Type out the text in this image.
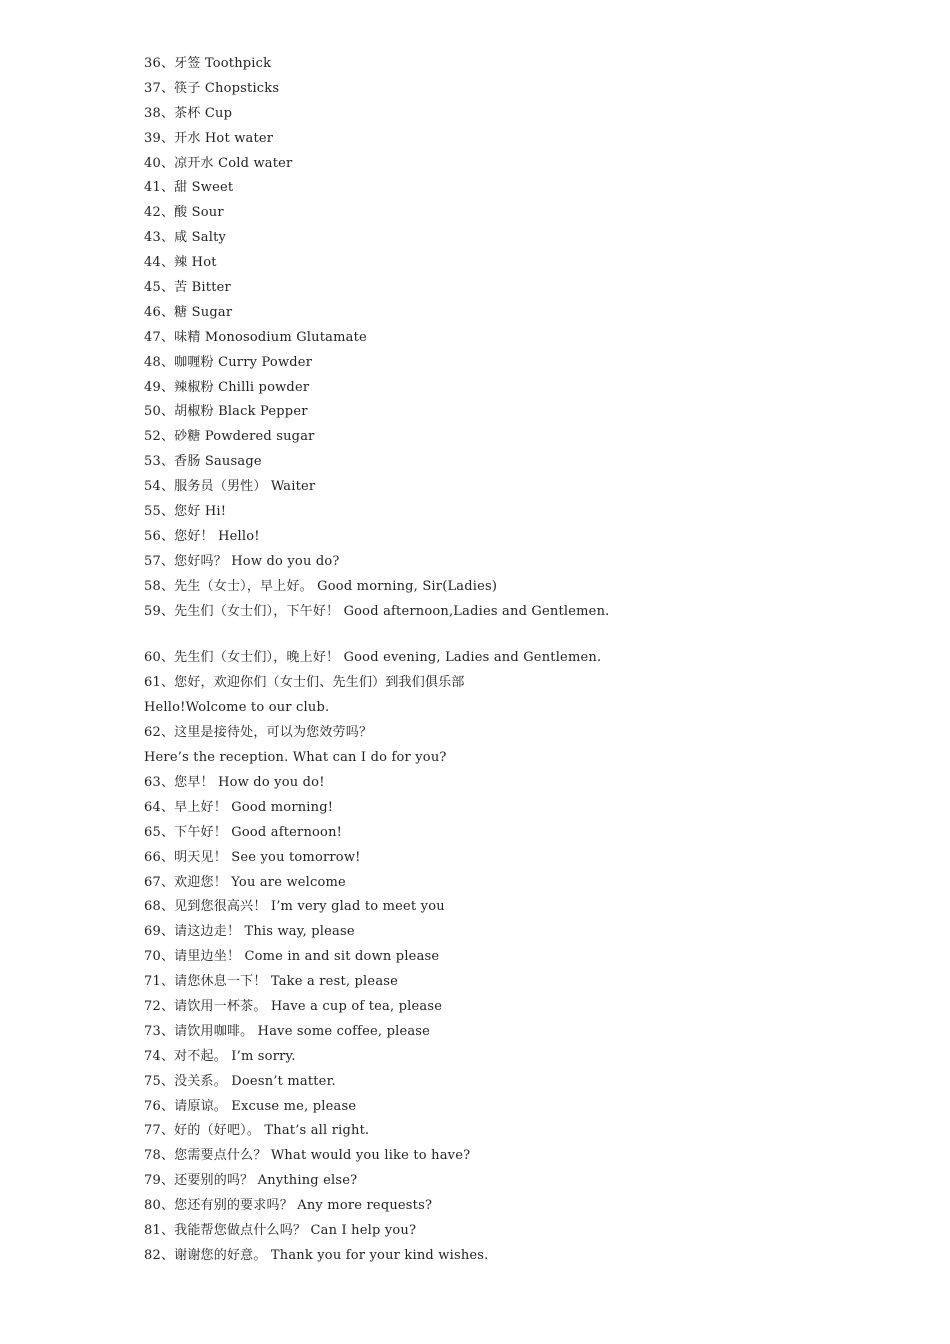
36、牙签 Toothpick
37、筷子 Chopsticks
38、茶杯 Cup
39、开水 Hot water
40、凉开水 Cold water
41、甜 Sweet
42、酸 Sour
43、咸 Salty
44、辣 Hot
45、苦 Bitter
46、糖 Sugar
47、味精 Monosodium Glutamate
48、咖喱粉 Curry Powder
49、辣椒粉 Chilli powder
50、胡椒粉 Black Pepper
52、砂糖 Powdered sugar
53、香肠 Sausage
54、服务员（男性） Waiter
55、您好 Hi!
56、您好！ Hello!
57、您好吗？ How do you do?
58、先生（女士），早上好。 Good morning, Sir(Ladies)
59、先生们（女士们），下午好！ Good afternoon,Ladies and Gentlemen.
60、先生们（女士们），晚上好！ Good evening, Ladies and Gentlemen.
61、您好，欢迎你们（女士们、先生们）到我们俱乐部
Hello!Wolcome to our club.
62、这里是接待处，可以为您效劳吗？
Here’s the reception. What can I do for you?
63、您早！ How do you do!
64、早上好！ Good morning!
65、下午好！ Good afternoon!
66、明天见！ See you tomorrow!
67、欢迎您！ You are welcome
68、见到您很高兴！ I’m very glad to meet you
69、请这边走！ This way, please
70、请里边坐！ Come in and sit down please
71、请您休息一下！ Take a rest, please
72、请饮用一杯茶。 Have a cup of tea, please
73、请饮用咖啡。 Have some coffee, please
74、对不起。 I’m sorry.
75、没关系。 Doesn’t matter.
76、请原谅。 Excuse me, please
77、好的（好吧）。 That’s all right.
78、您需要点什么？ What would you like to have?
79、还要别的吗？ Anything else?
80、您还有别的要求吗？ Any more requests?
81、我能帮您做点什么吗？ Can I help you?
82、谢谢您的好意。 Thank you for your kind wishes.
